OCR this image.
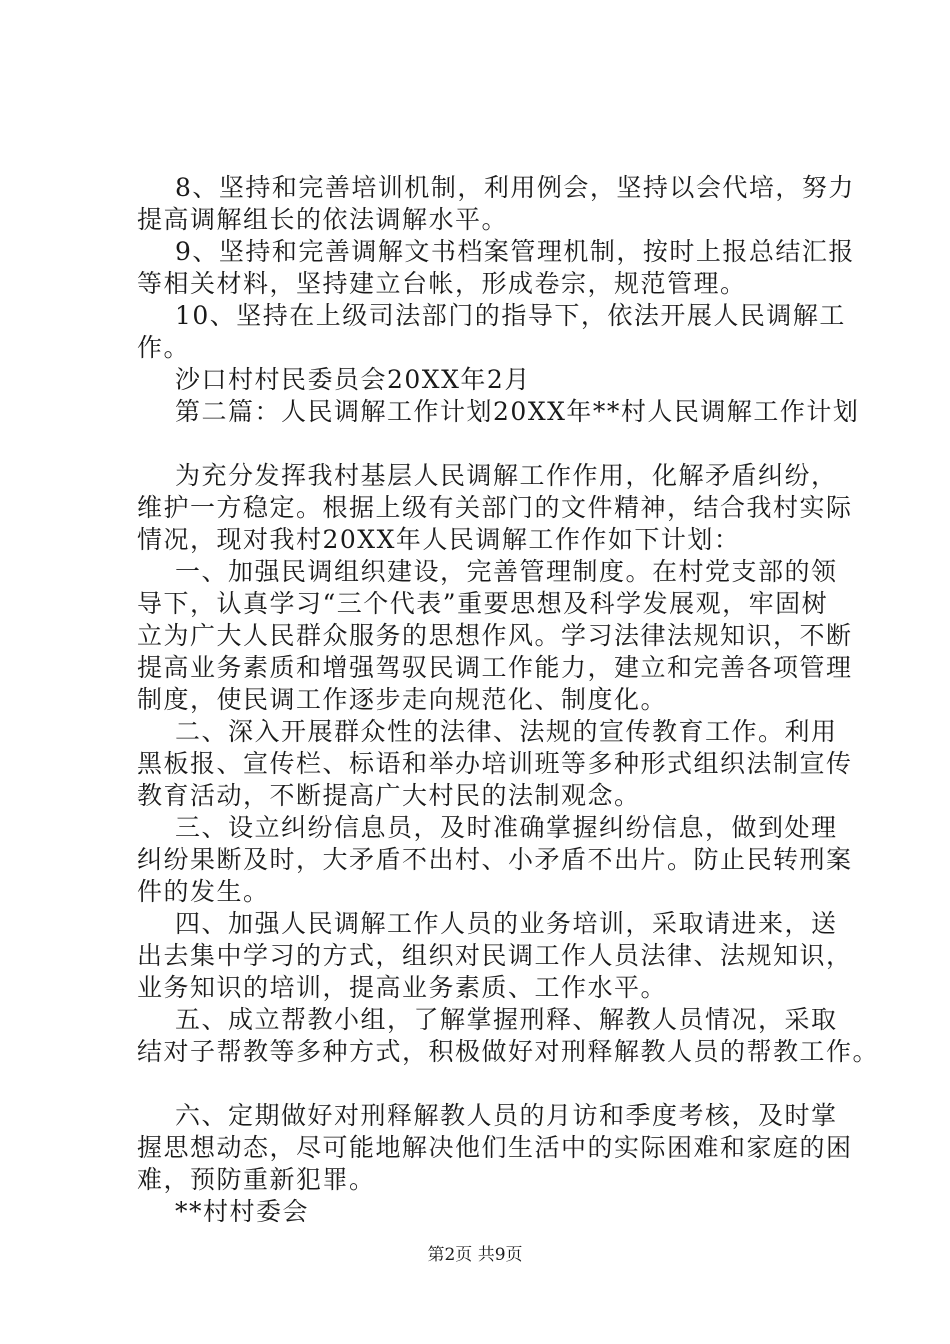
8、坚持和完善培训机制，利用例会，坚持以会代培，努力
提高调解组长的依法调解水平。
9、坚持和完善调解文书档案管理机制，按时上报总结汇报
等相关材料，坚持建立台帐，形成卷宗，规范管理。
10、坚持在上级司法部门的指导下，依法开展人民调解工
作。
沙口村村民委员会20XX年2月
第二篇：人民调解工作计划20XX年**村人民调解工作计划
为充分发挥我村基层人民调解工作作用，化解矛盾纠纷，
维护一方稳定。根据上级有关部门的文件精神，结合我村实际
情况，现对我村20XX年人民调解工作作如下计划：
一、加强民调组织建设，完善管理制度。在村党支部的领
导下，认真学习“三个代表”重要思想及科学发展观，牢固树
立为广大人民群众服务的思想作风。学习法律法规知识，不断
提高业务素质和增强驾驭民调工作能力，建立和完善各项管理
制度，使民调工作逐步走向规范化、制度化。
二、深入开展群众性的法律、法规的宣传教育工作。利用
黑板报、宣传栏、标语和举办培训班等多种形式组织法制宣传
教育活动，不断提高广大村民的法制观念。
三、设立纠纷信息员，及时准确掌握纠纷信息，做到处理
纠纷果断及时，大矛盾不出村、小矛盾不出片。防止民转刑案
件的发生。
四、加强人民调解工作人员的业务培训，采取请进来，送
出去集中学习的方式，组织对民调工作人员法律、法规知识，
业务知识的培训，提高业务素质、工作水平。
五、成立帮教小组，了解掌握刑释、解教人员情况，采取
结对子帮教等多种方式，积极做好对刑释解教人员的帮教工作。
六、定期做好对刑释解教人员的月访和季度考核，及时掌
握思想动态，尽可能地解决他们生活中的实际困难和家庭的困
难，预防重新犯罪。
**村村委会
第2页 共9页
